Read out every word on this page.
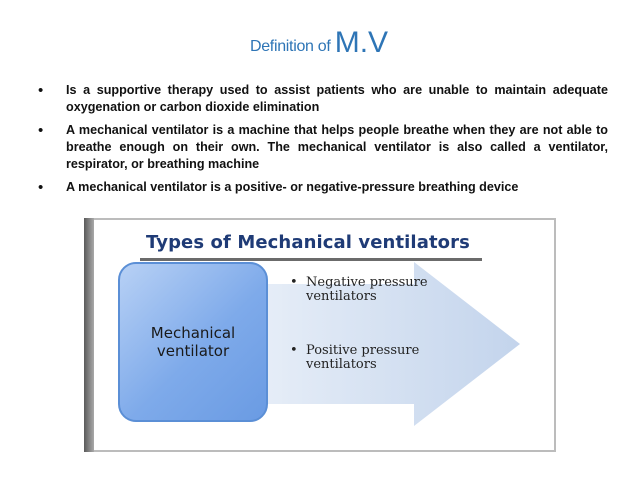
Definition of M.V
• Is a supportive therapy used to assist patients who are unable to maintain adequate oxygenation or carbon dioxide elimination
• A mechanical ventilator is a machine that helps people breathe when they are not able to breathe enough on their own. The mechanical ventilator is also called a ventilator, respirator, or breathing machine
• A mechanical ventilator is a positive- or negative-pressure breathing device
Types of Mechanical ventilators
Mechanical
ventilator
• Negative pressure ventilators
• Positive pressure ventilators
